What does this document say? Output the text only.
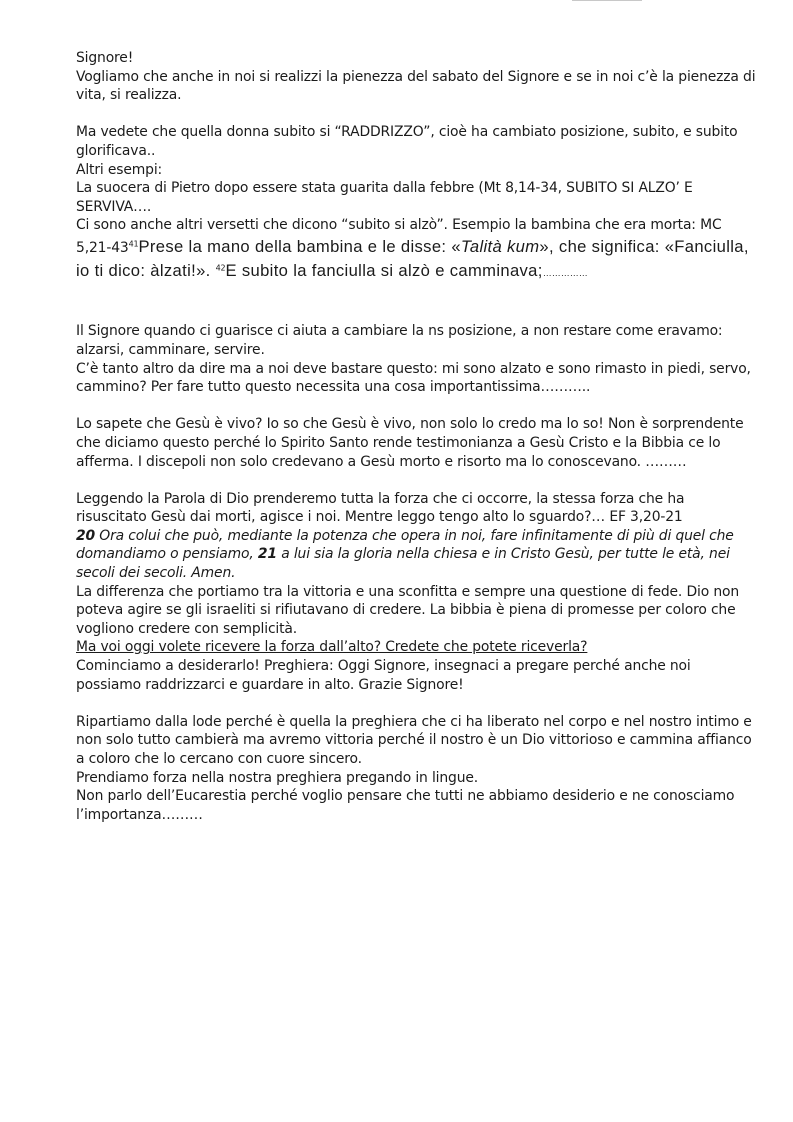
Signore!

Vogliamo che anche in noi si realizzi la pienezza del sabato del Signore e se in noi c’è la pienezza di vita, si realizza.

Ma vedete che quella donna subito si “RADDRIZZO”, cioè ha cambiato posizione, subito, e subito glorificava..

Altri esempi:

La suocera di Pietro dopo essere stata guarita dalla febbre (Mt 8,14-34, SUBITO SI ALZO’ E SERVIVA….

Ci sono anche altri versetti che dicono “subito si alzò”. Esempio la bambina che era morta: MC $5,21-43^{41}Prese$ la mano della bambina e le disse: «Talità kum», che significa: «Fanciulla, io ti dico: àlzati!». $^{42}$E subito la fanciulla si alzò e camminava;……………

Il Signore quando ci guarisce ci aiuta a cambiare la ns posizione, a non restare come eravamo: alzarsi, camminare, servire.

C’è tanto altro da dire ma a noi deve bastare questo: mi sono alzato e sono rimasto in piedi, servo, cammino? Per fare tutto questo necessita una cosa importantissima………..

Lo sapete che Gesù è vivo? Io so che Gesù è vivo, non solo lo credo ma lo so! Non è sorprendente che diciamo questo perché lo Spirito Santo rende testimonianza a Gesù Cristo e la Bibbia ce lo afferma. I discepoli non solo credevano a Gesù morto e risorto ma lo conoscevano. ………

Leggendo la Parola di Dio prenderemo tutta la forza che ci occorre, la stessa forza che ha risuscitato Gesù dai morti, agisce i noi. Mentre leggo tengo alto lo sguardo?… EF 3,20-21

20 Ora colui che può, mediante la potenza che opera in noi, fare infinitamente di più di quel che domandiamo o pensiamo, 21 a lui sia la gloria nella chiesa e in Cristo Gesù, per tutte le età, nei secoli dei secoli. Amen.

La differenza che portiamo tra la vittoria e una sconfitta e sempre una questione di fede. Dio non poteva agire se gli israeliti si rifiutavano di credere. La bibbia è piena di promesse per coloro che vogliono credere con semplicità.

Ma voi oggi volete ricevere la forza dall’alto? Credete che potete riceverla?

Cominciamo a desiderarlo! Preghiera: Oggi Signore, insegnaci a pregare perché anche noi possiamo raddrizzarci e guardare in alto. Grazie Signore!

Ripartiamo dalla lode perché è quella la preghiera che ci ha liberato nel corpo e nel nostro intimo e non solo tutto cambierà ma avremo vittoria perché il nostro è un Dio vittorioso e cammina affianco a coloro che lo cercano con cuore sincero.

Prendiamo forza nella nostra preghiera pregando in lingue.

Non parlo dell’Eucarestia perché voglio pensare che tutti ne abbiamo desiderio e ne conosciamo l’importanza………
